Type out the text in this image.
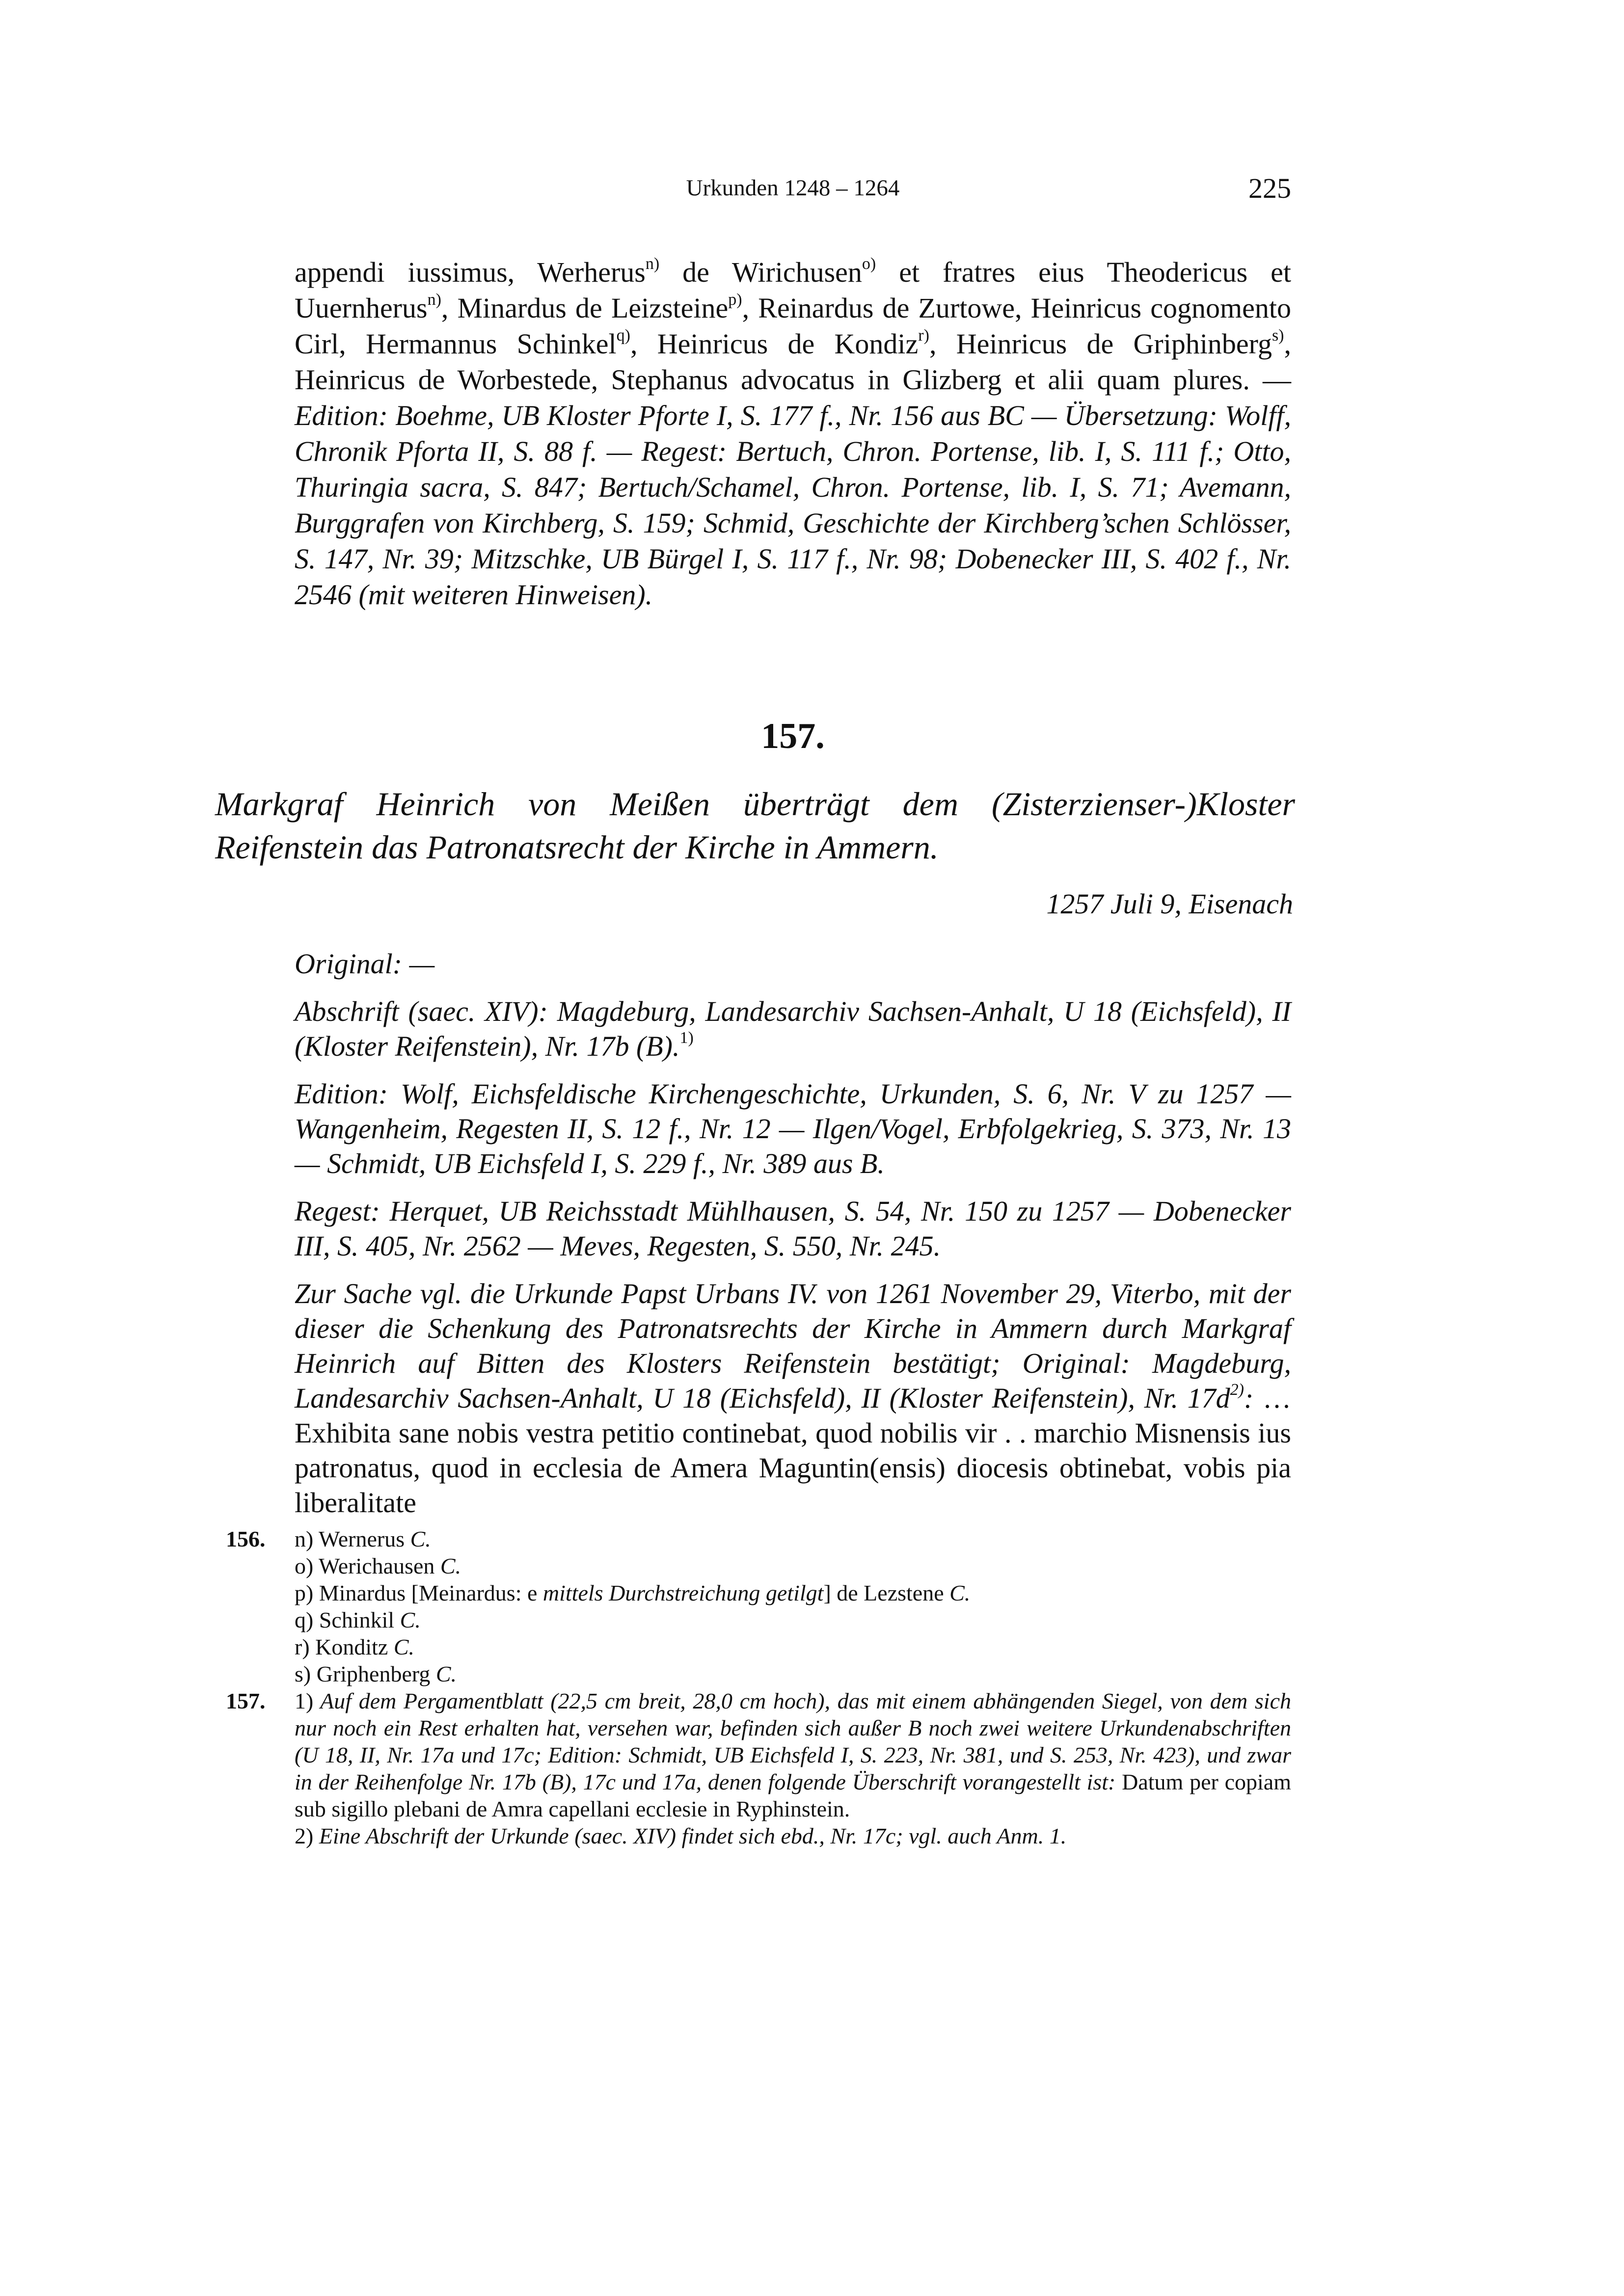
Urkunden 1248 – 1264	225
appendi iussimus, Werherus$^{n)}$ de Wirichusen$^{o)}$ et fratres eius Theodericus et Uuernherus$^{n)}$, Minardus de Leizsteine$^{p)}$, Reinardus de Zurtowe, Heinricus cognomento Cirl, Hermannus Schinkel$^{q)}$, Heinricus de Kondiz$^{r)}$, Heinricus de Griphinberg$^{s)}$, Heinricus de Worbestede, Stephanus advocatus in Glizberg et alii quam plures. — Edition: Boehme, UB Kloster Pforte I, S. 177 f., Nr. 156 aus BC — Übersetzung: Wolff, Chronik Pforta II, S. 88 f. — Regest: Bertuch, Chron. Portense, lib. I, S. 111 f.; Otto, Thuringia sacra, S. 847; Bertuch/Schamel, Chron. Portense, lib. I, S. 71; Avemann, Burggrafen von Kirchberg, S. 159; Schmid, Geschichte der Kirchberg’schen Schlösser, S. 147, Nr. 39; Mitzschke, UB Bürgel I, S. 117 f., Nr. 98; Dobenecker III, S. 402 f., Nr. 2546 (mit weiteren Hinweisen).
157.
Markgraf Heinrich von Meißen überträgt dem (Zisterzienser-)Kloster Reifenstein das Patronatsrecht der Kirche in Ammern.
1257 Juli 9, Eisenach

Original: —

Abschrift (saec. XIV): Magdeburg, Landesarchiv Sachsen-Anhalt, U 18 (Eichsfeld), II (Kloster Reifenstein), Nr. 17b (B).$^{1)}$

Edition: Wolf, Eichsfeldische Kirchengeschichte, Urkunden, S. 6, Nr. V zu 1257 — Wangenheim, Regesten II, S. 12 f., Nr. 12 — Ilgen/Vogel, Erbfolgekrieg, S. 373, Nr. 13 — Schmidt, UB Eichsfeld I, S. 229 f., Nr. 389 aus B.

Regest: Herquet, UB Reichsstadt Mühlhausen, S. 54, Nr. 150 zu 1257 — Dobenecker III, S. 405, Nr. 2562 — Meves, Regesten, S. 550, Nr. 245.

Zur Sache vgl. die Urkunde Papst Urbans IV. von 1261 November 29, Viterbo, mit der dieser die Schenkung des Patronatsrechts der Kirche in Ammern durch Markgraf Heinrich auf Bitten des Klosters Reifenstein bestätigt; Original: Magdeburg, Landesarchiv Sachsen-Anhalt, U 18 (Eichsfeld), II (Kloster Reifenstein), Nr. $17d^{2)}$: … Exhibita sane nobis vestra petitio continebat, quod nobilis vir . . marchio Misnensis ius patronatus, quod in ecclesia de Amera Maguntin(ensis) diocesis obtinebat, vobis pia liberalitate

156. n) Wernerus C.
o) Werichausen C.
p) Minardus [Meinardus: e mittels Durchstreichung getilgt] de Lezstene C.
q) Schinkil C.
r) Konditz C.
s) Griphenberg C.
157. 1) Auf dem Pergamentblatt (22,5 cm breit, 28,0 cm hoch), das mit einem abhängenden Siegel, von dem sich nur noch ein Rest erhalten hat, versehen war, befinden sich außer B noch zwei weitere Urkundenabschriften (U 18, II, Nr. 17a und 17c; Edition: Schmidt, UB Eichsfeld I, S. 223, Nr. 381, und S. 253, Nr. 423), und zwar in der Reihenfolge Nr. 17b (B), 17c und 17a, denen folgende Überschrift vorangestellt ist: Datum per copiam sub sigillo plebani de Amra capellani ecclesie in Ryphinstein.
2) Eine Abschrift der Urkunde (saec. XIV) findet sich ebd., Nr. 17c; vgl. auch Anm. 1.
